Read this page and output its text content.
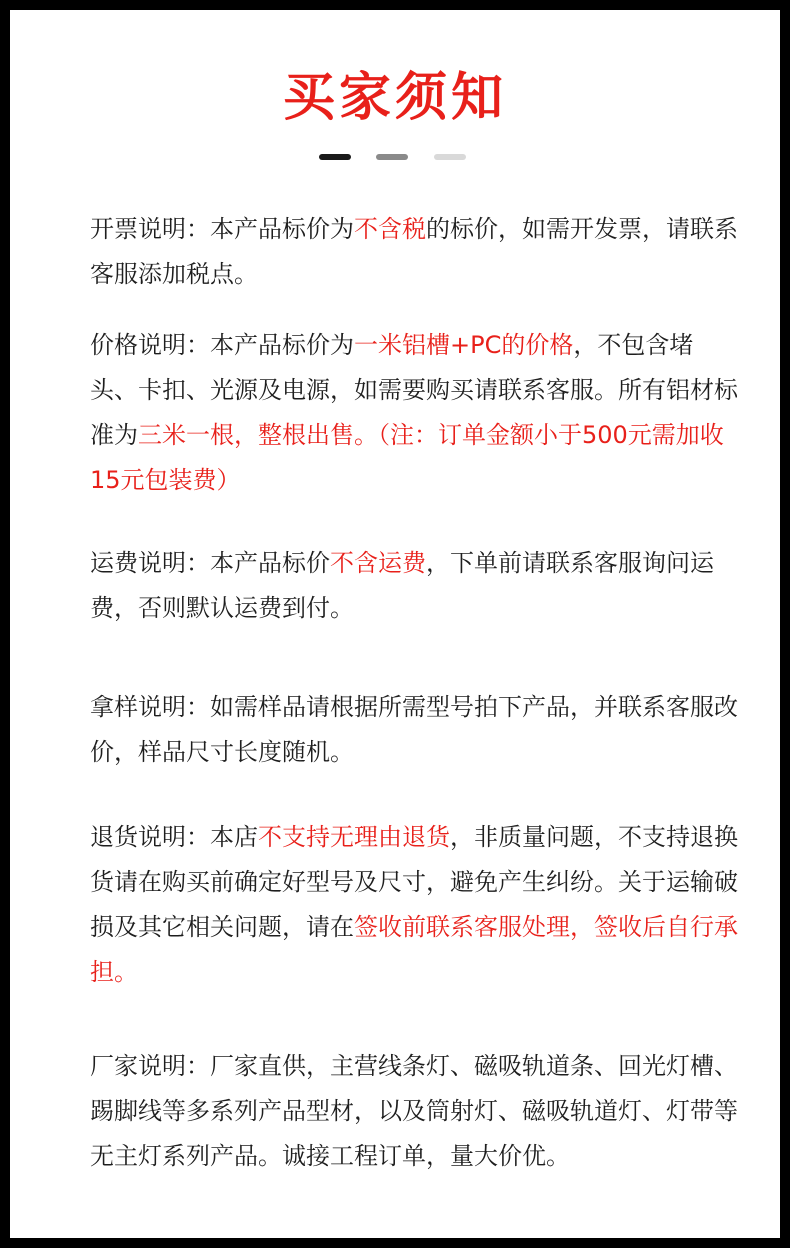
买家须知

开票说明：本产品标价为不含税的标价，如需开发票，请联系客服添加税点。

价格说明：本产品标价为一米铝槽+PC的价格，不包含堵头、卡扣、光源及电源，如需要购买请联系客服。所有铝材标准为三米一根，整根出售。（注：订单金额小于500元需加收15元包装费）

运费说明：本产品标价不含运费，下单前请联系客服询问运费，否则默认运费到付。

拿样说明：如需样品请根据所需型号拍下产品，并联系客服改价，样品尺寸长度随机。

退货说明：本店不支持无理由退货，非质量问题，不支持退换货请在购买前确定好型号及尺寸，避免产生纠纷。关于运输破损及其它相关问题，请在签收前联系客服处理，签收后自行承担。

厂家说明：厂家直供，主营线条灯、磁吸轨道条、回光灯槽、踢脚线等多系列产品型材，以及筒射灯、磁吸轨道灯、灯带等无主灯系列产品。诚接工程订单，量大价优。
